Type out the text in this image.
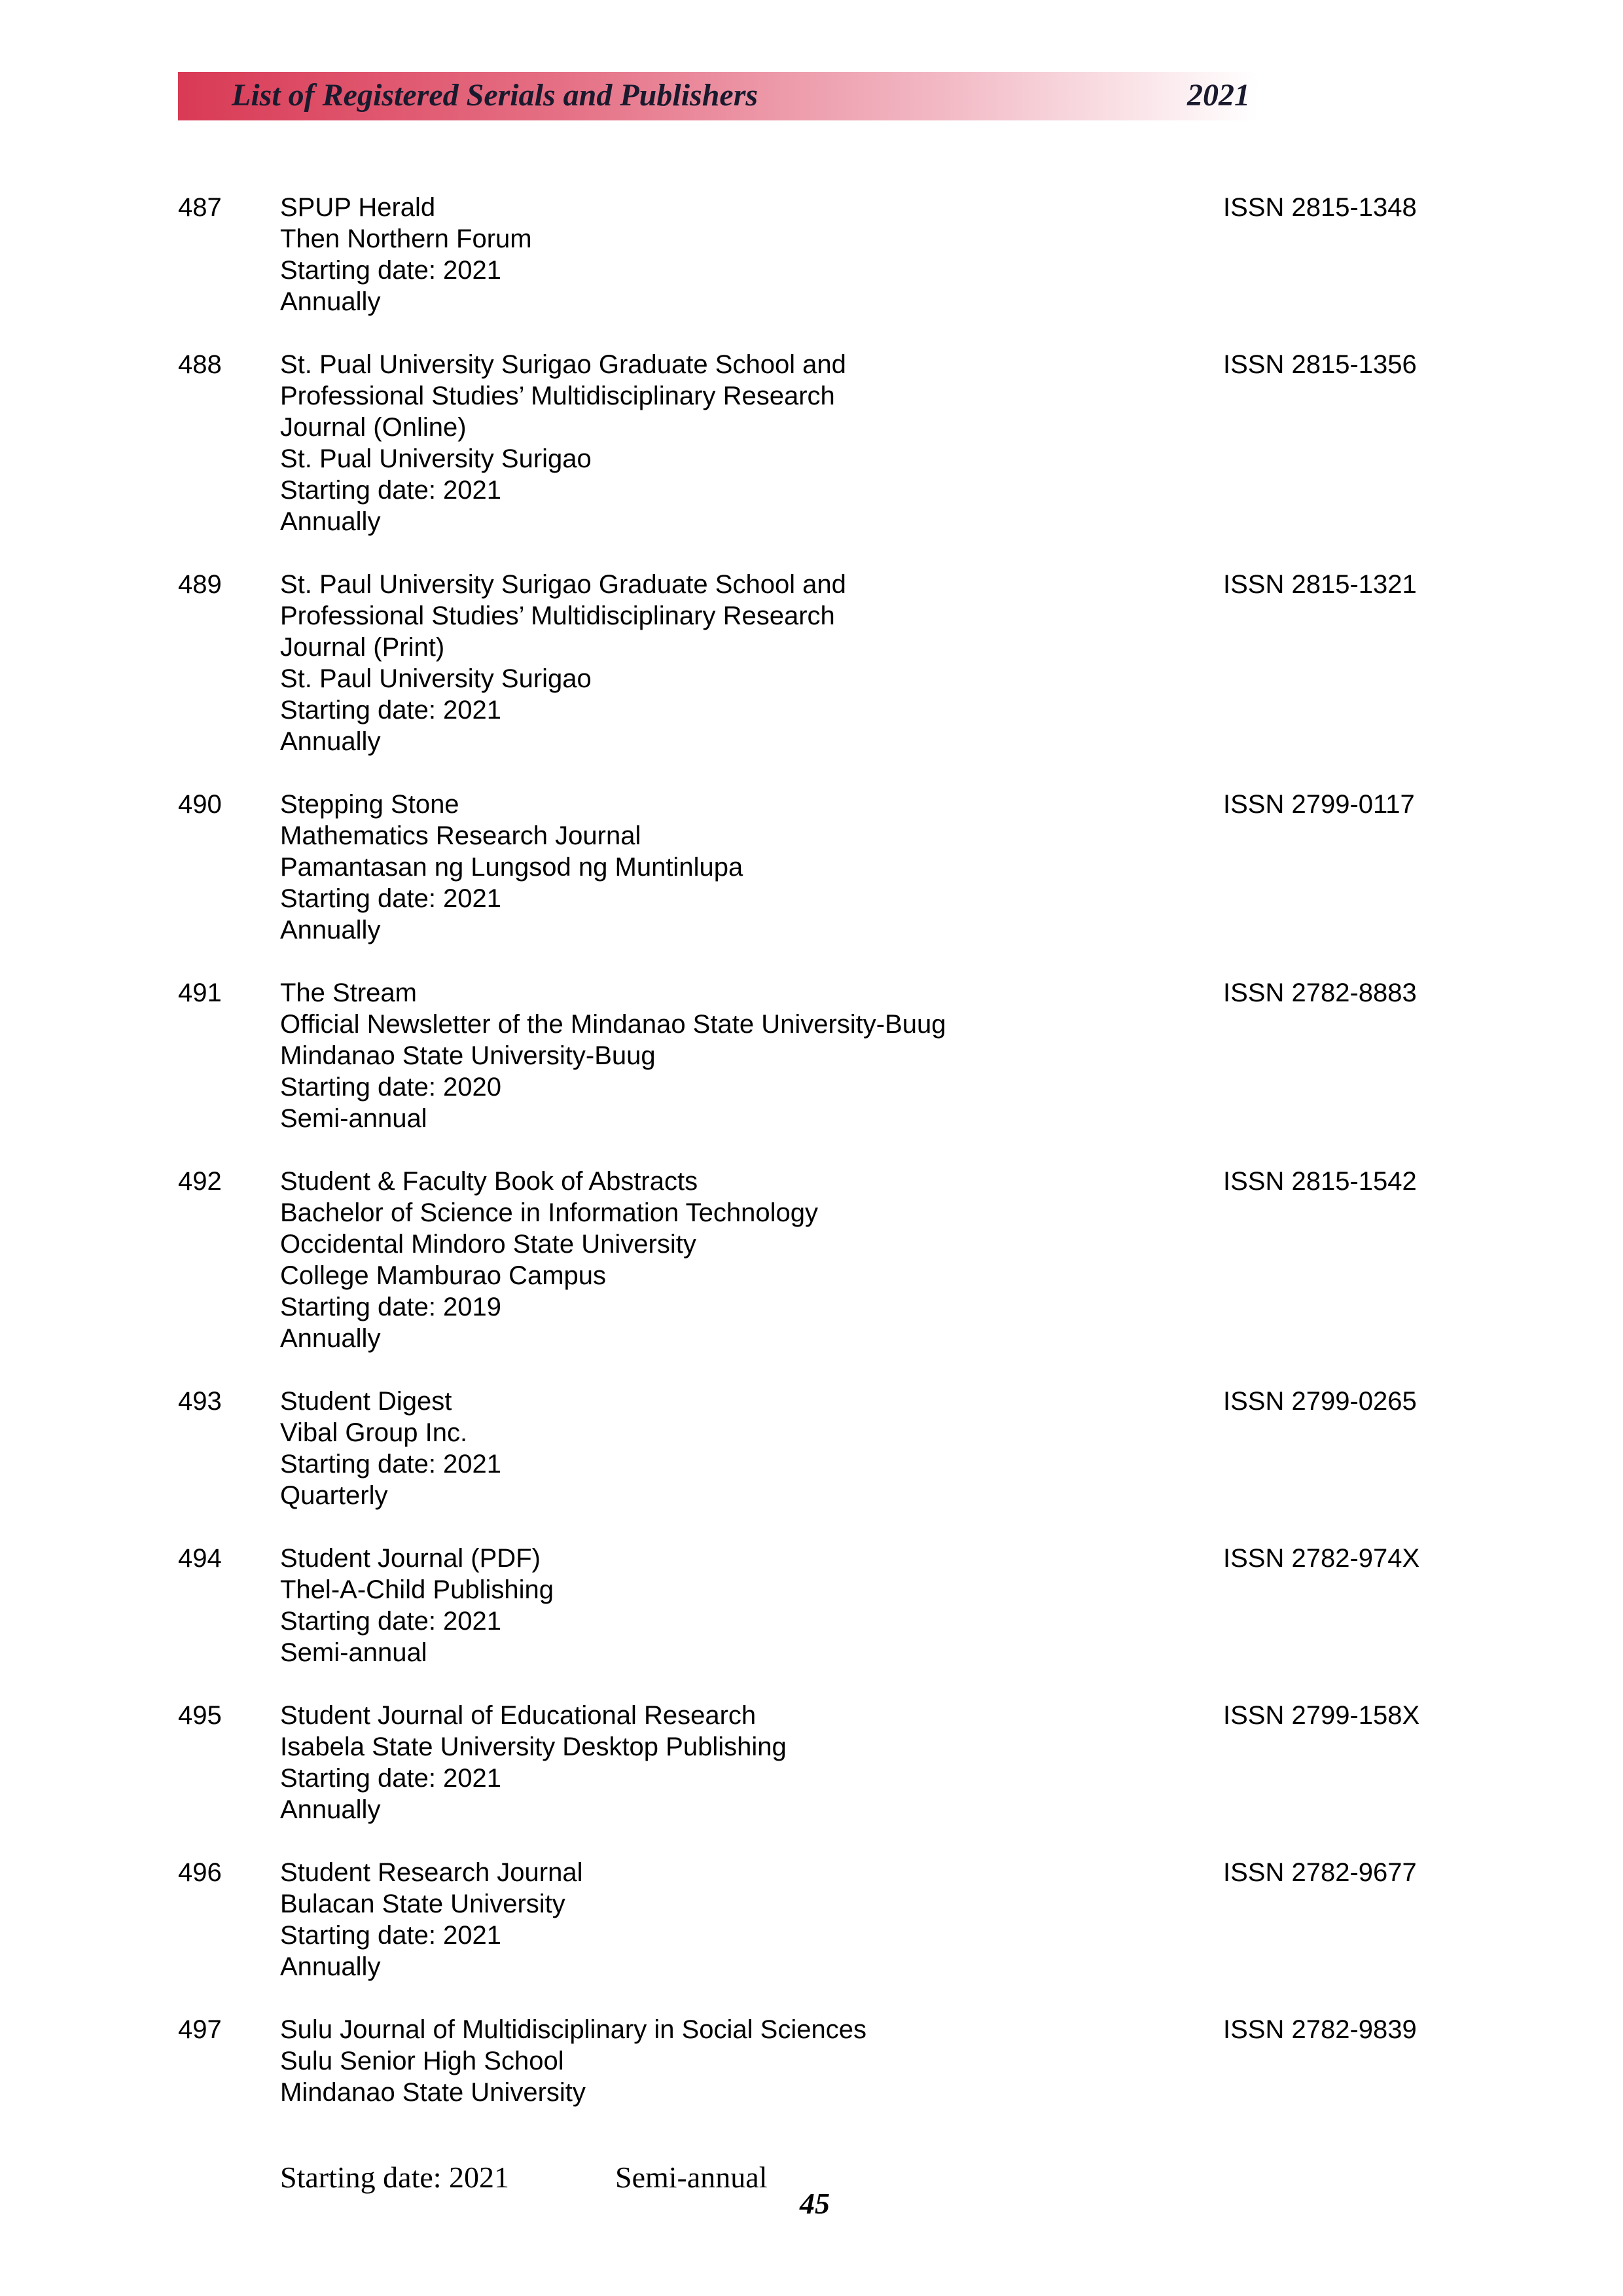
List of Registered Serials and Publishers	2021
487 SPUP Herald
Then Northern Forum
Starting date: 2021
Annually
ISSN 2815-1348
488 St. Pual University Surigao Graduate School and
Professional Studies’ Multidisciplinary Research
Journal (Online)
St. Pual University Surigao
Starting date: 2021
Annually
ISSN 2815-1356
489 St. Paul University Surigao Graduate School and
Professional Studies’ Multidisciplinary Research
Journal (Print)
St. Paul University Surigao
Starting date: 2021
Annually
ISSN 2815-1321
490 Stepping Stone
Mathematics Research Journal
Pamantasan ng Lungsod ng Muntinlupa
Starting date: 2021
Annually
ISSN 2799-0117
491 The Stream
Official Newsletter of the Mindanao State University-Buug
Mindanao State University-Buug
Starting date: 2020
Semi-annual
ISSN 2782-8883
492 Student & Faculty Book of Abstracts
Bachelor of Science in Information Technology
Occidental Mindoro State University
College Mamburao Campus
Starting date: 2019
Annually
ISSN 2815-1542
493 Student Digest
Vibal Group Inc.
Starting date: 2021
Quarterly
ISSN 2799-0265
494 Student Journal (PDF)
Thel-A-Child Publishing
Starting date: 2021
Semi-annual
ISSN 2782-974X
495 Student Journal of Educational Research
Isabela State University Desktop Publishing
Starting date: 2021
Annually
ISSN 2799-158X
496 Student Research Journal
Bulacan State University
Starting date: 2021
Annually
ISSN 2782-9677
497 Sulu Journal of Multidisciplinary in Social Sciences
Sulu Senior High School
Mindanao State University
ISSN 2782-9839
Starting date: 2021	Semi-annual
45
